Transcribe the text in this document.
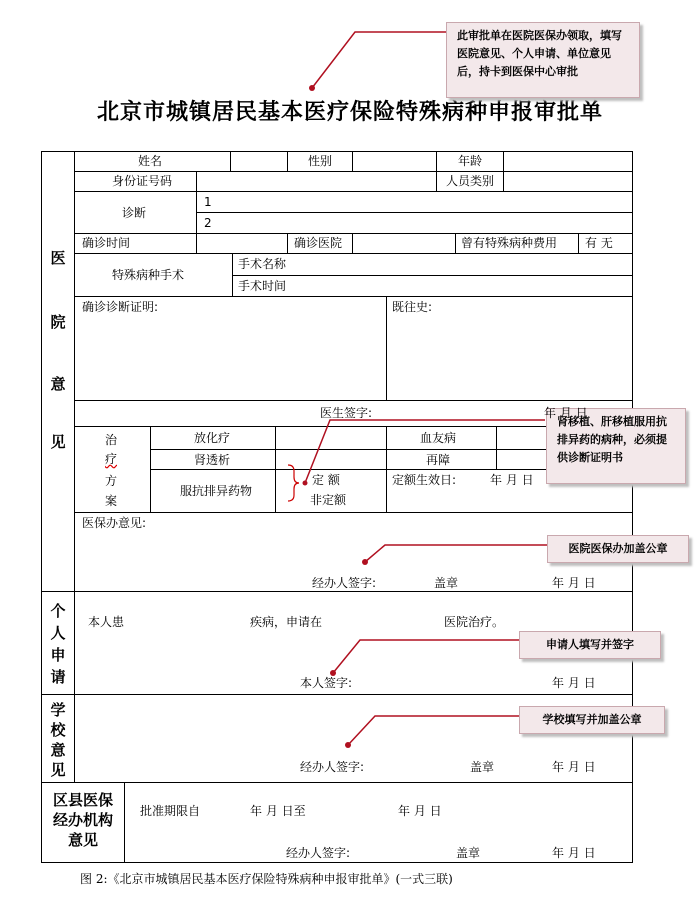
北京市城镇居民基本医疗保险特殊病种申报审批单
此审批单在医院医保办领取，填写医院意见、个人申请、单位意见后，持卡到医保中心审批
肾移植、肝移植服用抗排异药的病种，必须提供诊断证明书
医院医保办加盖公章
申请人填写并签字
学校填写并加盖公章
医
院
意
见
个
人
申
请
学
校
意
见
区县医保
经办机构
意见
姓名	性别	年龄
身份证号码	人员类别
诊断
1
2
确诊时间	确诊医院	曾有特殊病种费用 有 无
特殊病种手术
手术名称
手术时间
确诊诊断证明:	既往史:
医生签字:	年 月 日
治
疗
方
案
放化疗	血友病
肾透析	再障
服抗排异药物
定 额
非定额
定额生效日:	年 月 日
医保办意见:
经办人签字:	盖章	年 月 日
本人患	疾病，申请在	医院治疗。
本人签字:	年 月 日
经办人签字:	盖章	年 月 日
批准期限自	年 月 日至	年 月 日
经办人签字:	盖章	年 月 日
图 2:《北京市城镇居民基本医疗保险特殊病种申报审批单》(一式三联)
